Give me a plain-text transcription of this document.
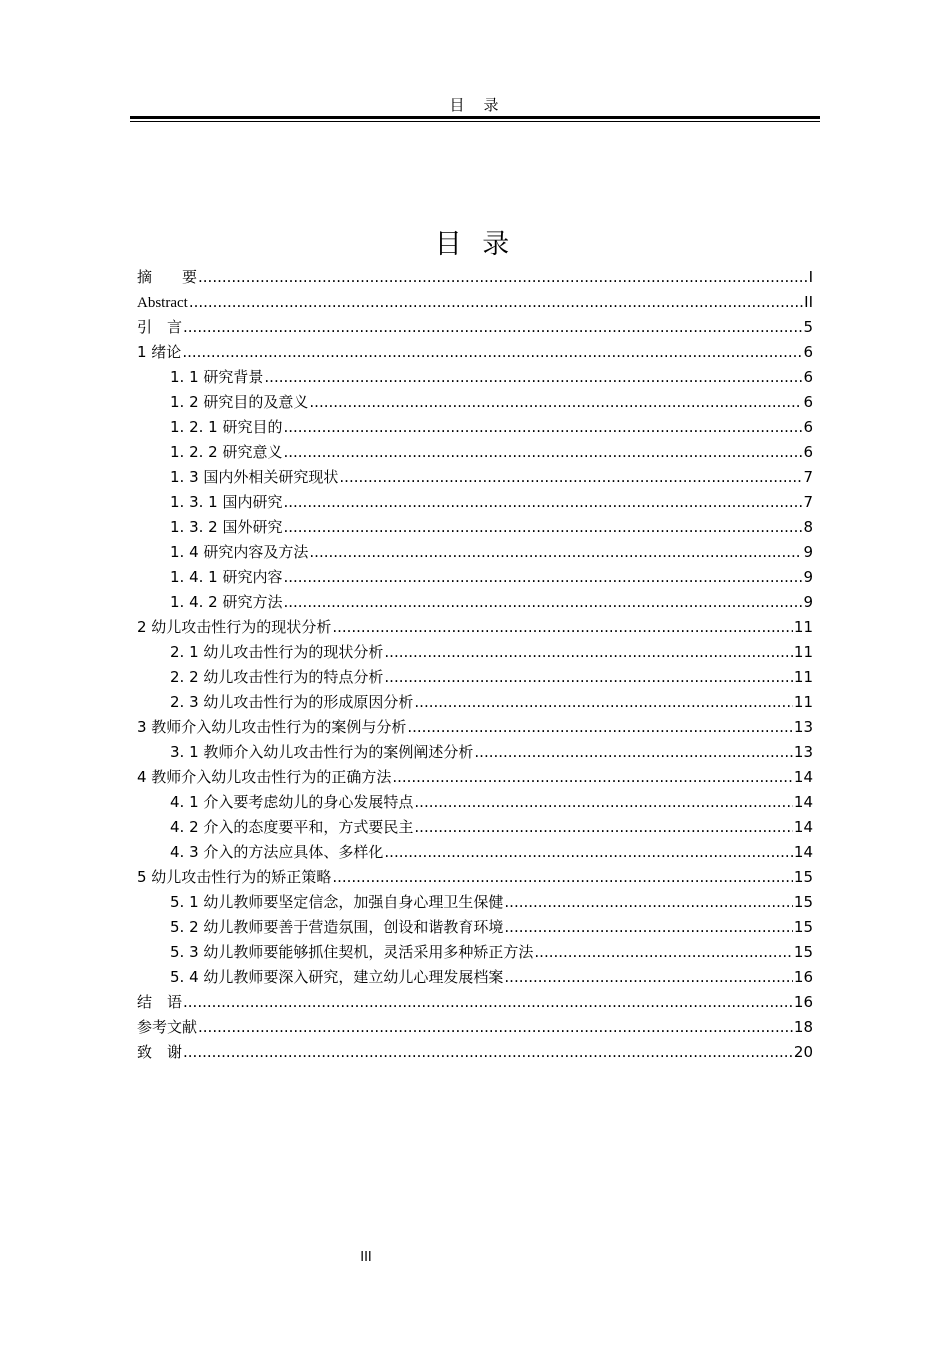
目　录
目 录
摘　　要 .....	I
Abstract .....	II
引　言 .....	5
1 绪论 .....	6
1. 1 研究背景 .....	6
1. 2 研究目的及意义 .....	6
1. 2. 1 研究目的 .....	6
1. 2. 2 研究意义 .....	6
1. 3 国内外相关研究现状 .....	7
1. 3. 1 国内研究 .....	7
1. 3. 2 国外研究 .....	8
1. 4 研究内容及方法 .....	9
1. 4. 1 研究内容 .....	9
1. 4. 2 研究方法 .....	9
2 幼儿攻击性行为的现状分析 .....	11
2. 1 幼儿攻击性行为的现状分析 .....	11
2. 2 幼儿攻击性行为的特点分析 .....	11
2. 3 幼儿攻击性行为的形成原因分析 .....	11
3 教师介入幼儿攻击性行为的案例与分析 .....	13
3. 1 教师介入幼儿攻击性行为的案例阐述分析 .....	13
4 教师介入幼儿攻击性行为的正确方法 .....	14
4. 1 介入要考虑幼儿的身心发展特点 .....	14
4. 2 介入的态度要平和，方式要民主 .....	14
4. 3 介入的方法应具体、多样化 .....	14
5 幼儿攻击性行为的矫正策略 .....	15
5. 1 幼儿教师要坚定信念，加强自身心理卫生保健 .....	15
5. 2 幼儿教师要善于营造氛围，创设和谐教育环境 .....	15
5. 3 幼儿教师要能够抓住契机，灵活采用多种矫正方法 .....	15
5. 4 幼儿教师要深入研究，建立幼儿心理发展档案 .....	16
结　语 .....	16
参考文献 .....	18
致　谢 .....	20
III
